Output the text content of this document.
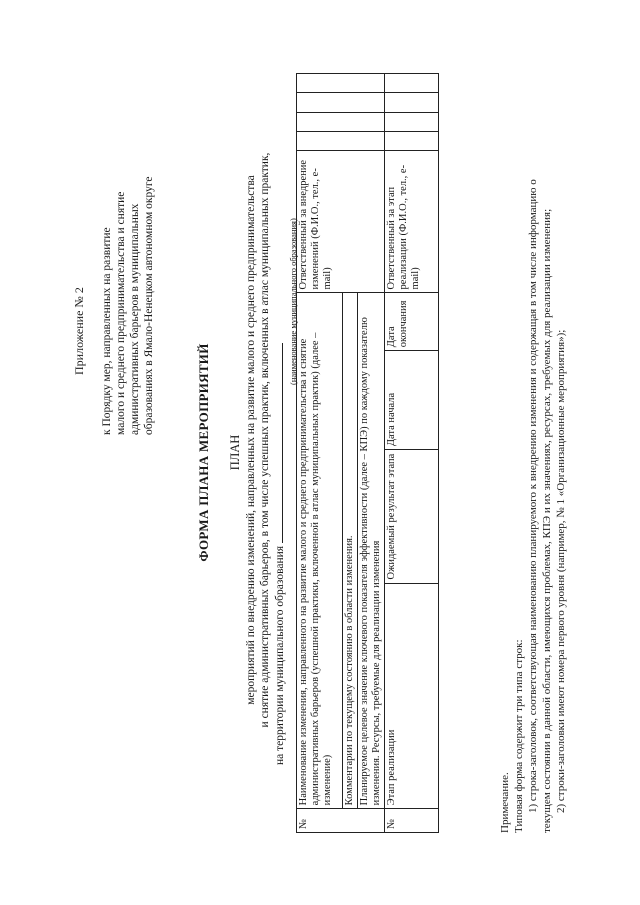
Приложение № 2 к Порядку мер, направленных на развитие малого и среднего предпринимательства и снятие административных барьеров в муниципальных образованиях в Ямало-Ненецком автономном округе
ФОРМА ПЛАНА МЕРОПРИЯТИЙ ПЛАН мероприятий по внедрению изменений, направленных на развитие малого и среднего предпринимательства и снятие административных барьеров, в том числе успешных практик, включенных в атлас муниципальных практик, на территории муниципального образования
(наименование муниципального образования)
№	Наименование изменения, направленного на развитие малого и среднего предпринимательства и снятие административных барьеров (успешной практики, включенной в атлас муниципальных практик) (далее – изменение)				Ответственный за внедрение изменений (Ф.И.О., тел., e-mail)				
	Комментарии по текущему состоянию в области изменения.								
	Планируемое целевое значение ключевого показателя эффективности (далее – КПЭ) по каждому показателю изменения. Ресурсы, требуемые для реализации изменения								
№	Этап реализации	Ожидаемый результат этапа	Дата начала	Дата окончания	Ответственный за этап реализации (Ф.И.О., тел., e-mail)				

Примечание. Типовая форма содержит три типа строк: 1) строка-заголовок, соответствующая наименованию планируемого к внедрению изменения и содержащая в том числе информацию о текущем состоянии в данной области, имеющихся проблемах, КПЭ и их значениях, ресурсах, требуемых для реализации изменения; 2) строки-заголовки имеют номера первого уровня (например, № 1 «Организационные мероприятия»);
